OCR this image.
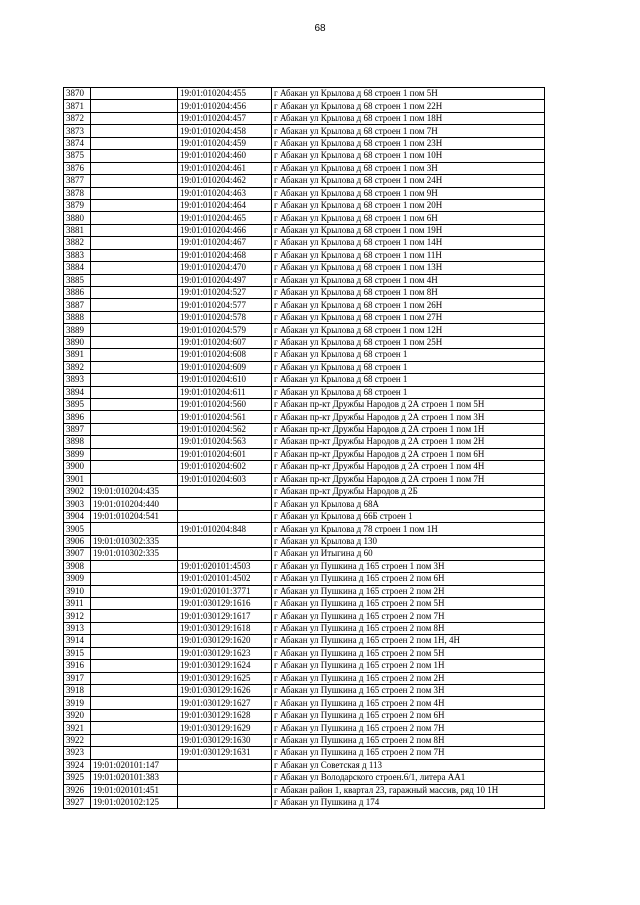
68
3870		19:01:010204:455	г Абакан ул Крылова д 68 строен 1 пом 5Н
3871		19:01:010204:456	г Абакан ул Крылова д 68 строен 1 пом 22Н
3872		19:01:010204:457	г Абакан ул Крылова д 68 строен 1 пом 18Н
3873		19:01:010204:458	г Абакан ул Крылова д 68 строен 1 пом 7Н
3874		19:01:010204:459	г Абакан ул Крылова д 68 строен 1 пом 23Н
3875		19:01:010204:460	г Абакан ул Крылова д 68 строен 1 пом 10Н
3876		19:01:010204:461	г Абакан ул Крылова д 68 строен 1 пом 3Н
3877		19:01:010204:462	г Абакан ул Крылова д 68 строен 1 пом 24Н
3878		19:01:010204:463	г Абакан ул Крылова д 68 строен 1 пом 9Н
3879		19:01:010204:464	г Абакан ул Крылова д 68 строен 1 пом 20Н
3880		19:01:010204:465	г Абакан ул Крылова д 68 строен 1 пом 6Н
3881		19:01:010204:466	г Абакан ул Крылова д 68 строен 1 пом 19Н
3882		19:01:010204:467	г Абакан ул Крылова д 68 строен 1 пом 14Н
3883		19:01:010204:468	г Абакан ул Крылова д 68 строен 1 пом 11Н
3884		19:01:010204:470	г Абакан ул Крылова д 68 строен 1 пом 13Н
3885		19:01:010204:497	г Абакан ул Крылова д 68 строен 1 пом 4Н
3886		19:01:010204:527	г Абакан ул Крылова д 68 строен 1 пом 8Н
3887		19:01:010204:577	г Абакан ул Крылова д 68 строен 1 пом 26Н
3888		19:01:010204:578	г Абакан ул Крылова д 68 строен 1 пом 27Н
3889		19:01:010204:579	г Абакан ул Крылова д 68 строен 1 пом 12Н
3890		19:01:010204:607	г Абакан ул Крылова д 68 строен 1 пом 25Н
3891		19:01:010204:608	г Абакан ул Крылова д 68 строен 1
3892		19:01:010204:609	г Абакан ул Крылова д 68 строен 1
3893		19:01:010204:610	г Абакан ул Крылова д 68 строен 1
3894		19:01:010204:611	г Абакан ул Крылова д 68 строен 1
3895		19:01:010204:560	г Абакан пр-кт Дружбы Народов д 2А строен 1 пом 5Н
3896		19:01:010204:561	г Абакан пр-кт Дружбы Народов д 2А строен 1 пом 3Н
3897		19:01:010204:562	г Абакан пр-кт Дружбы Народов д 2А строен 1 пом 1Н
3898		19:01:010204:563	г Абакан пр-кт Дружбы Народов д 2А строен 1 пом 2Н
3899		19:01:010204:601	г Абакан пр-кт Дружбы Народов д 2А строен 1 пом 6Н
3900		19:01:010204:602	г Абакан пр-кт Дружбы Народов д 2А строен 1 пом 4Н
3901		19:01:010204:603	г Абакан пр-кт Дружбы Народов д 2А строен 1 пом 7Н
3902	19:01:010204:435		г Абакан пр-кт Дружбы Народов д 2Б
3903	19:01:010204:440		г Абакан ул Крылова д 68А
3904	19:01:010204:541		г Абакан ул Крылова д 66Б строен 1
3905		19:01:010204:848	г Абакан ул Крылова д 78 строен 1 пом 1Н
3906	19:01:010302:335		г Абакан ул Крылова д 130
3907	19:01:010302:335		г Абакан ул Итыгина д 60
3908		19:01:020101:4503	г Абакан ул Пушкина д 165 строен 1 пом 3Н
3909		19:01:020101:4502	г Абакан ул Пушкина д 165 строен 2 пом 6Н
3910		19:01:020101:3771	г Абакан ул Пушкина д 165 строен 2 пом 2Н
3911		19:01:030129:1616	г Абакан ул Пушкина д 165 строен 2 пом 5Н
3912		19:01:030129:1617	г Абакан ул Пушкина д 165 строен 2 пом 7Н
3913		19:01:030129:1618	г Абакан ул Пушкина д 165 строен 2 пом 8Н
3914		19:01:030129:1620	г Абакан ул Пушкина д 165 строен 2 пом 1Н, 4Н
3915		19:01:030129:1623	г Абакан ул Пушкина д 165 строен 2 пом 5Н
3916		19:01:030129:1624	г Абакан ул Пушкина д 165 строен 2 пом 1Н
3917		19:01:030129:1625	г Абакан ул Пушкина д 165 строен 2 пом 2Н
3918		19:01:030129:1626	г Абакан ул Пушкина д 165 строен 2 пом 3Н
3919		19:01:030129:1627	г Абакан ул Пушкина д 165 строен 2 пом 4Н
3920		19:01:030129:1628	г Абакан ул Пушкина д 165 строен 2 пом 6Н
3921		19:01:030129:1629	г Абакан ул Пушкина д 165 строен 2 пом 7Н
3922		19:01:030129:1630	г Абакан ул Пушкина д 165 строен 2 пом 8Н
3923		19:01:030129:1631	г Абакан ул Пушкина д 165 строен 2 пом 7Н
3924	19:01:020101:147		г Абакан ул Советская д 113
3925	19:01:020101:383		г Абакан ул Володарского строен.6/1, литера АА1
3926	19:01:020101:451		г Абакан район 1, квартал 23, гаражный массив, ряд 10 1Н
3927	19:01:020102:125		г Абакан ул Пушкина д 174
